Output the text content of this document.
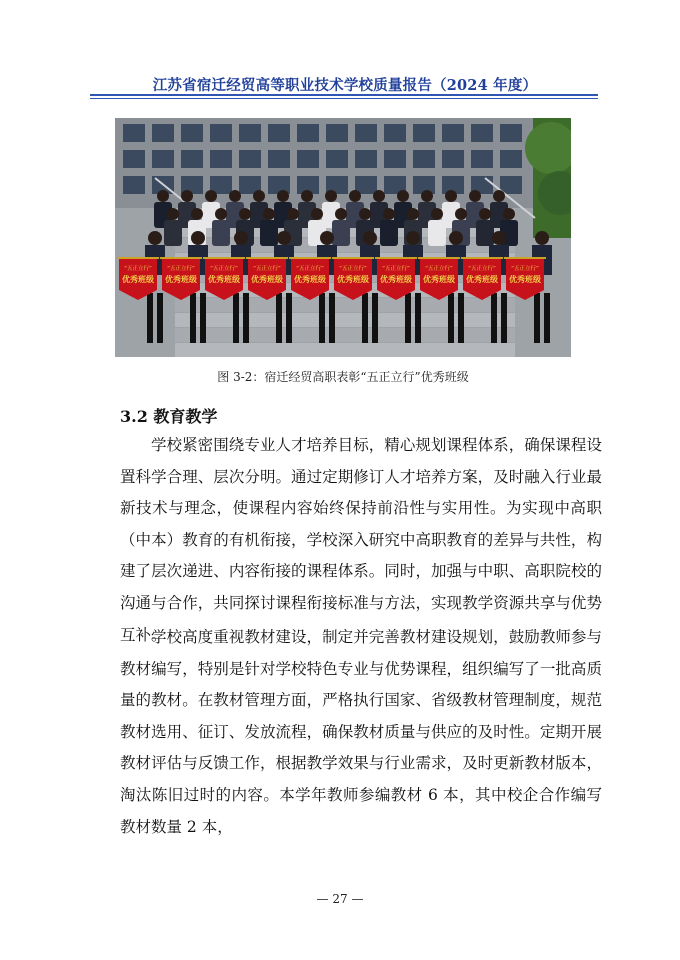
江苏省宿迁经贸高等职业技术学校质量报告（2024 年度）
“五正立行”
优秀班级
“五正立行”
优秀班级
“五正立行”
优秀班级
“五正立行”
优秀班级
“五正立行”
优秀班级
“五正立行”
优秀班级
“五正立行”
优秀班级
“五正立行”
优秀班级
“五正立行”
优秀班级
“五正立行”
优秀班级
图 3-2：宿迁经贸高职表彰“五正立行”优秀班级
3.2 教育教学

学校紧密围绕专业人才培养目标，精心规划课程体系，确保课程设置科学合理、层次分明。通过定期修订人才培养方案，及时融入行业最新技术与理念，使课程内容始终保持前沿性与实用性。为实现中高职（中本）教育的有机衔接，学校深入研究中高职教育的差异与共性，构建了层次递进、内容衔接的课程体系。同时，加强与中职、高职院校的沟通与合作，共同探讨课程衔接标准与方法，实现教学资源共享与优势互补。

学校高度重视教材建设，制定并完善教材建设规划，鼓励教师参与教材编写，特别是针对学校特色专业与优势课程，组织编写了一批高质量的教材。在教材管理方面，严格执行国家、省级教材管理制度，规范教材选用、征订、发放流程，确保教材质量与供应的及时性。定期开展教材评估与反馈工作，根据教学效果与行业需求，及时更新教材版本，淘汰陈旧过时的内容。本学年教师参编教材 6 本，其中校企合作编写教材数量 2 本，

— 27 —
